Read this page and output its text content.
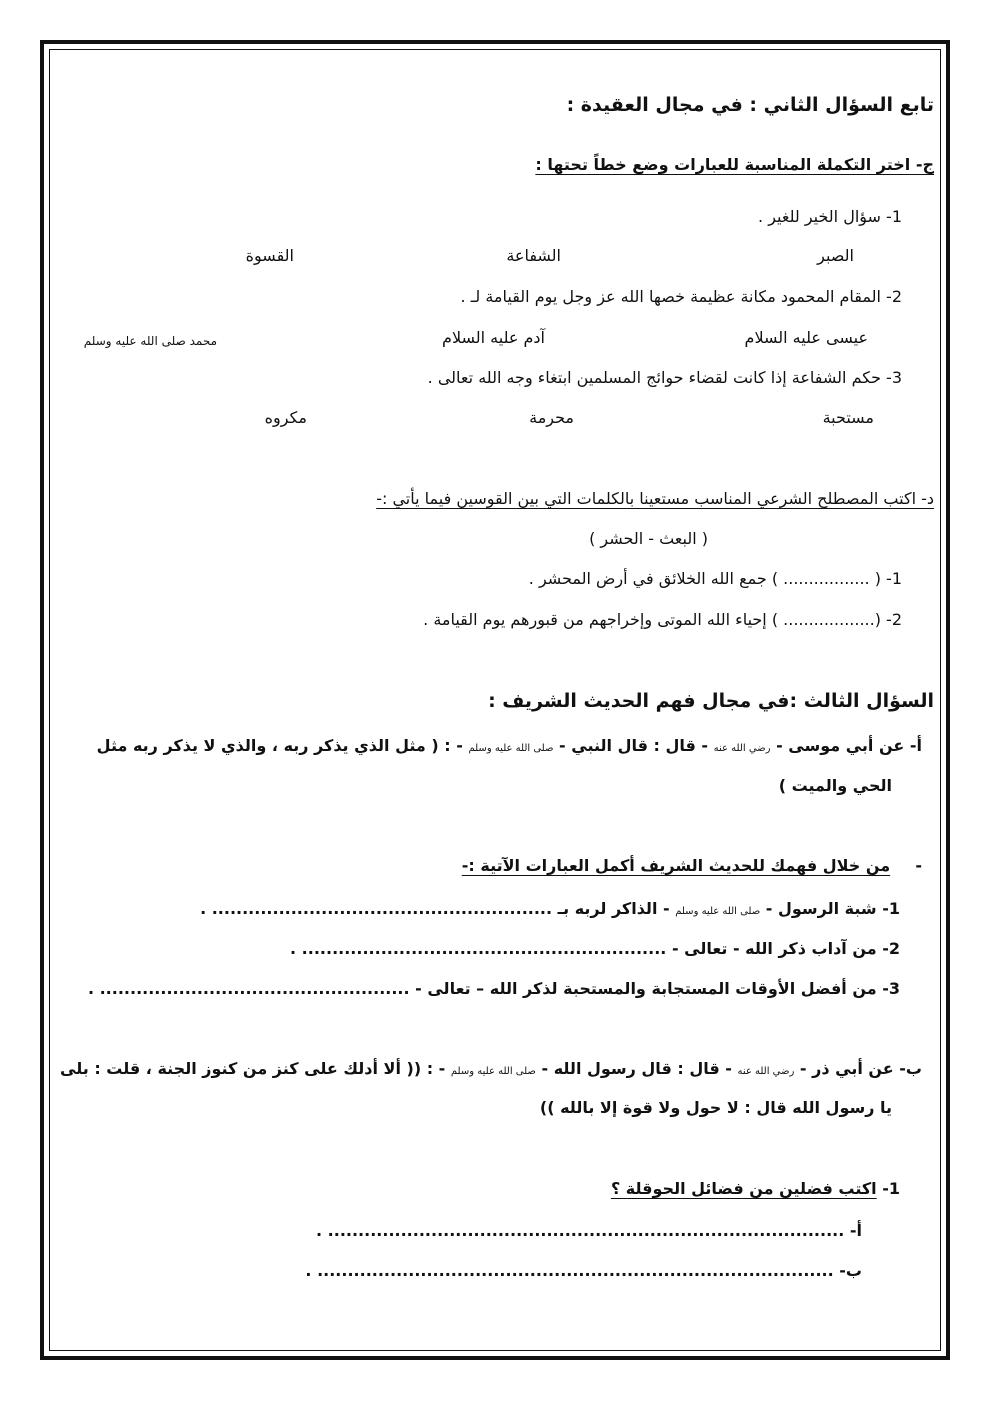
تابع السؤال الثاني : في مجال العقيدة :
ج- اختر التكملة المناسبة للعبارات وضع خطاً تحتها :
1- سؤال الخير للغير .
الصبر
الشفاعة
القسوة
2- المقام المحمود مكانة عظيمة خصها الله عز وجل يوم القيامة لـ .
عيسى عليه السلام
آدم عليه السلام
محمد صلى الله عليه وسلم
3- حكم الشفاعة إذا كانت لقضاء حوائج المسلمين ابتغاء وجه الله تعالى .
مستحبة
محرمة
مكروه
د- اكتب المصطلح الشرعي المناسب مستعينا بالكلمات التي بين القوسين فيما يأتي :-
( البعث - الحشر )
1- ( ................. ) جمع الله الخلائق في أرض المحشر .
2- (.................. ) إحياء الله الموتى وإخراجهم من قبورهم يوم القيامة .
السؤال الثالث :في مجال فهم الحديث الشريف :
أ- عن أبي موسى - رضي الله عنه - قال : قال النبي - صلى الله عليه وسلم - : ( مثل الذي يذكر ربه ، والذي لا يذكر ربه مثل
الحي والميت )
-  من خلال فهمك للحديث الشريف أكمل العبارات الآتية :-
1- شبة الرسول - صلى الله عليه وسلم - الذاكر لربه بـ ........................................................ .
2- من آداب ذكر الله - تعالى - ............................................................ .
3- من أفضل الأوقات المستجابة والمستحبة لذكر الله – تعالى - ................................................... .
ب- عن أبي ذر - رضي الله عنه - قال : قال رسول الله - صلى الله عليه وسلم - : (( ألا أدلك على كنز من كنوز الجنة ، قلت : بلى
يا رسول الله قال : لا حول ولا قوة إلا بالله ))
1- اكتب فضلين من فضائل الحوقلة ؟
أ- ..................................................................................... .
ب- ..................................................................................... .
